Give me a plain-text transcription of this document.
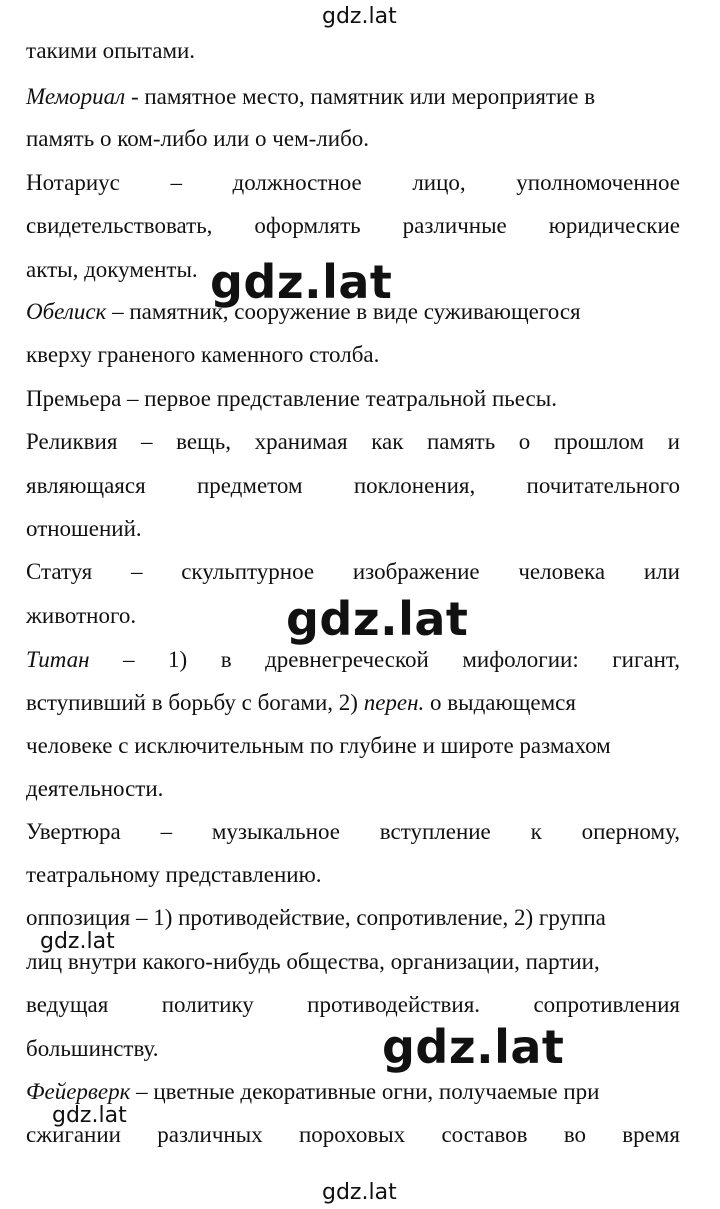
gdz.lat
такими опытами.
Мемориал - памятное место, памятник или мероприятие в
память о ком-либо или о чем-либо.
Нотариус – должностное лицо, уполномоченное
свидетельствовать, оформлять различные юридические
акты, документы.
Обелиск – памятник, сооружение в виде суживающегося
кверху граненого каменного столба.
Премьера – первое представление театральной пьесы.
Реликвия – вещь, хранимая как память о прошлом и
являющаяся предметом поклонения, почитательного
отношений.
Статуя – скульптурное изображение человека или
животного.
Титан – 1) в древнегреческой мифологии: гигант,
вступивший в борьбу с богами, 2) перен. о выдающемся
человеке с исключительным по глубине и широте размахом
деятельности.
Увертюра – музыкальное вступление к оперному,
театральному представлению.
оппозиция – 1) противодействие, сопротивление, 2) группа
лиц внутри какого-нибудь общества, организации, партии,
ведущая политику противодействия. сопротивления
большинству.
Фейерверк – цветные декоративные огни, получаемые при
сжигании различных пороховых составов во время
gdz.lat
gdz.lat
gdz.lat
gdz.lat
gdz.lat
gdz.lat
